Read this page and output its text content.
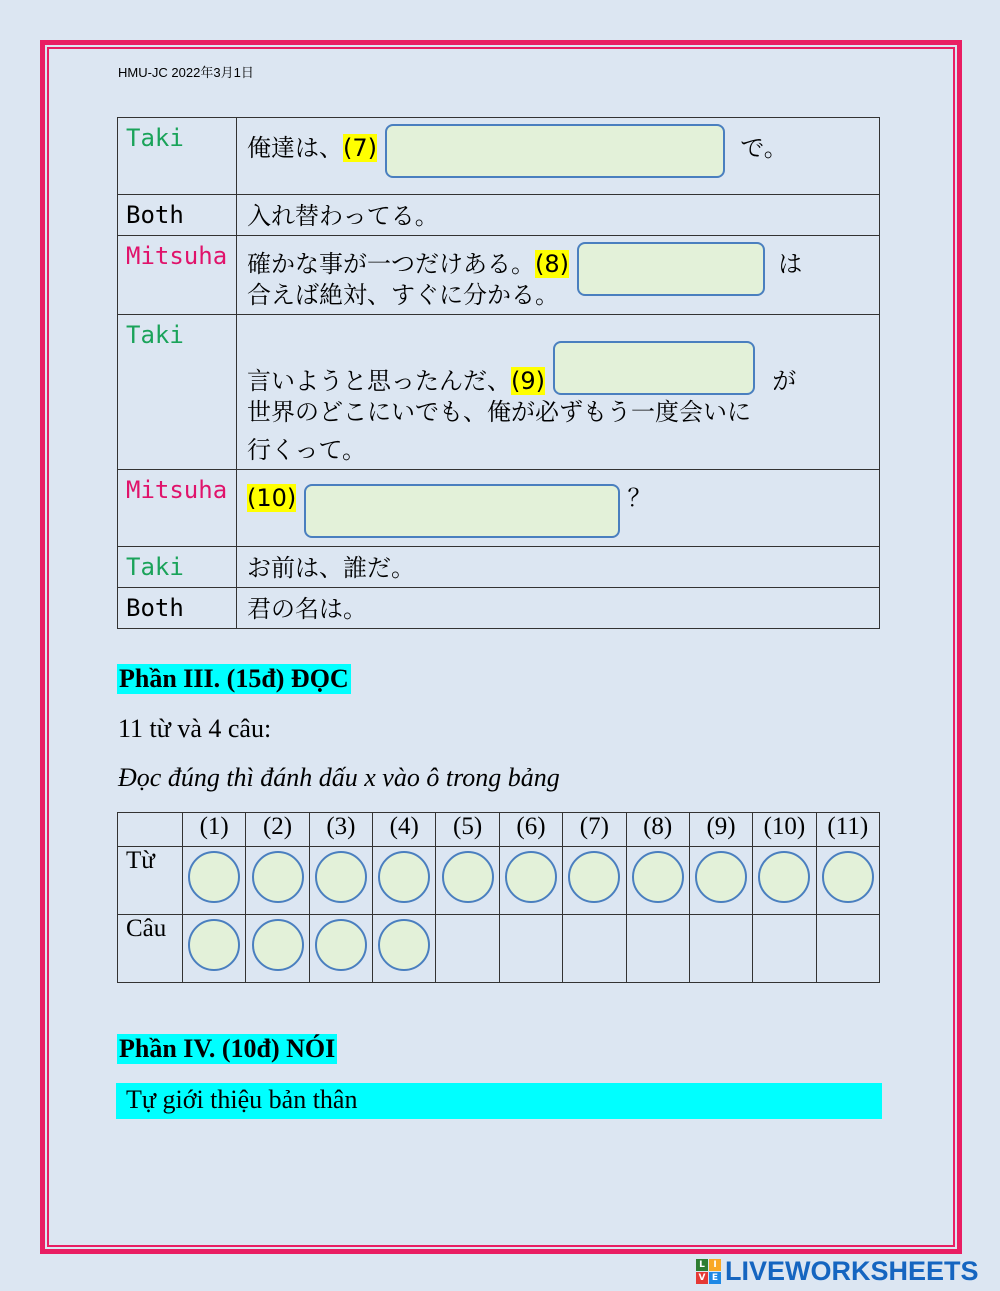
HMU-JC 2022年3月1日
Taki	俺達は、(7) で。
Both	入れ替わってる。
Mitsuha	確かな事が一つだけある。(8) は
合えば絶対、すぐに分かる。

Taki	言いようと思ったんだ、(9) が
世界のどこにいでも、俺が必ずもう一度会いに
行くって。

Mitsuha	(10) ？
Taki	お前は、誰だ。
Both	君の名は。
Phần III. (15đ) ĐỌC
11 từ và 4 câu:
Đọc đúng thì đánh dấu x vào ô trong bảng
	(1)	(2)	(3)	(4)	(5)	(6)	(7)	(8)	(9)	(10)	(11)
Từ	

Câu	

Phần IV. (10đ) NÓI
Tự giới thiệu bản thân
L I
V E LIVEWORKSHEETS
